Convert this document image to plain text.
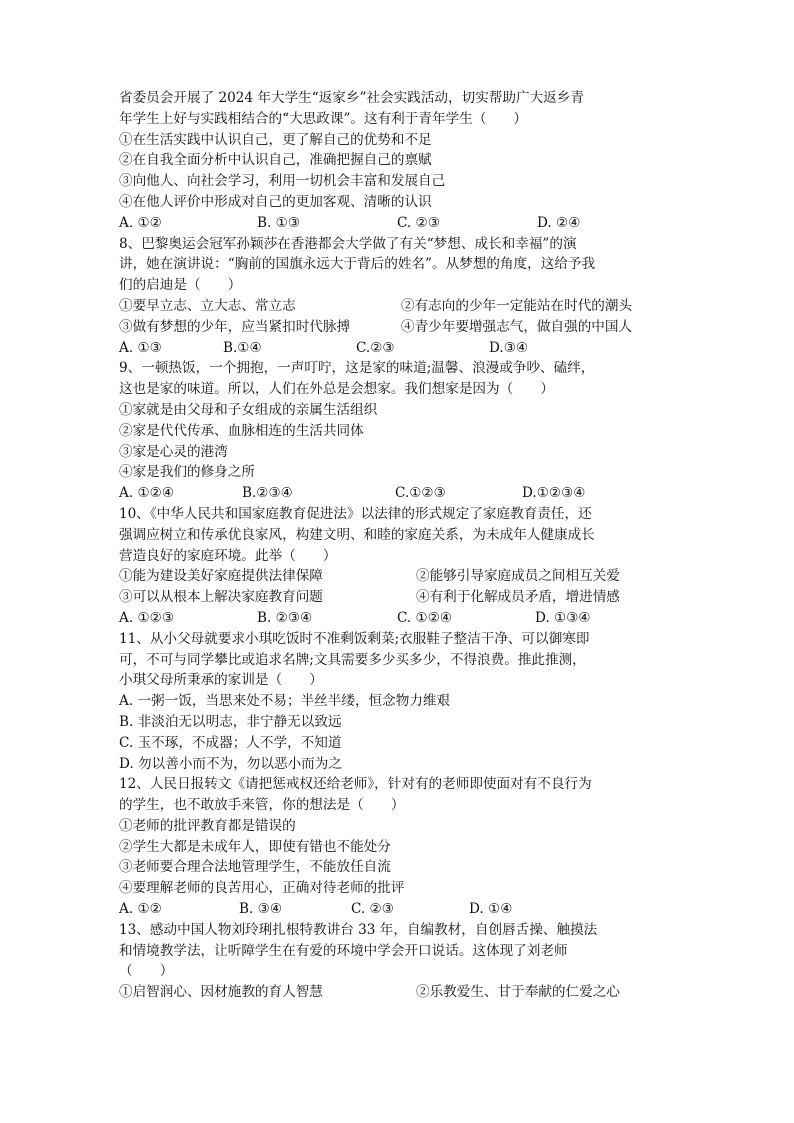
省委员会开展了 2024 年大学生“返家乡”社会实践活动，切实帮助广大返乡青
年学生上好与实践相结合的“大思政课”。这有利于青年学生（　　）
①在生活实践中认识自己，更了解自己的优势和不足
②在自我全面分析中认识自己，准确把握自己的禀赋
③向他人、向社会学习，利用一切机会丰富和发展自己
④在他人评价中形成对自己的更加客观、清晰的认识
A. ①②	B. ①③	C. ②③	D. ②④
8、巴黎奥运会冠军孙颖莎在香港都会大学做了有关“梦想、成长和幸福”的演
讲，她在演讲说：“胸前的国旗永远大于背后的姓名”。从梦想的角度，这给予我
们的启迪是（　　）
①要早立志、立大志、常立志	②有志向的少年一定能站在时代的潮头
③做有梦想的少年，应当紧扣时代脉搏	④青少年要增强志气，做自强的中国人
A. ①③	B.①④	C.②③	D.③④
9、一顿热饭，一个拥抱，一声叮咛，这是家的味道;温馨、浪漫或争吵、磕绊，
这也是家的味道。所以，人们在外总是会想家。我们想家是因为（　　）
①家就是由父母和子女组成的亲属生活组织
②家是代代传承、血脉相连的生活共同体
③家是心灵的港湾
④家是我们的修身之所
A. ①②④	B.②③④	C.①②③	D.①②③④
10、《中华人民共和国家庭教育促进法》以法律的形式规定了家庭教育责任，还
强调应树立和传承优良家风，构建文明、和睦的家庭关系，为未成年人健康成长
营造良好的家庭环境。此举（　　）
①能为建设美好家庭提供法律保障	②能够引导家庭成员之间相互关爱
③可以从根本上解决家庭教育问题	④有利于化解成员矛盾，增进情感
A. ①②③	B. ②③④	C. ①②④	D. ①③④
11、从小父母就要求小琪吃饭时不准剩饭剩菜;衣服鞋子整洁干净、可以御寒即
可，不可与同学攀比或追求名牌;文具需要多少买多少，不得浪费。推此推测，
小琪父母所秉承的家训是（　　）
A. 一粥一饭，当思来处不易；半丝半缕，恒念物力维艰
B. 非淡泊无以明志，非宁静无以致远
C. 玉不琢，不成器；人不学，不知道
D. 勿以善小而不为，勿以恶小而为之
12、人民日报转文《请把惩戒权还给老师》，针对有的老师即使面对有不良行为
的学生，也不敢放手来管，你的想法是（　　）
①老师的批评教育都是错误的
②学生大都是未成年人，即使有错也不能处分
③老师要合理合法地管理学生，不能放任自流
④要理解老师的良苦用心，正确对待老师的批评
A. ①②	B. ③④	C. ②③	D. ①④
13、感动中国人物刘玲琍扎根特教讲台 33 年，自编教材，自创唇舌操、触摸法
和情境教学法，让听障学生在有爱的环境中学会开口说话。这体现了刘老师
（　　）
①启智润心、因材施教的育人智慧	②乐教爱生、甘于奉献的仁爱之心
